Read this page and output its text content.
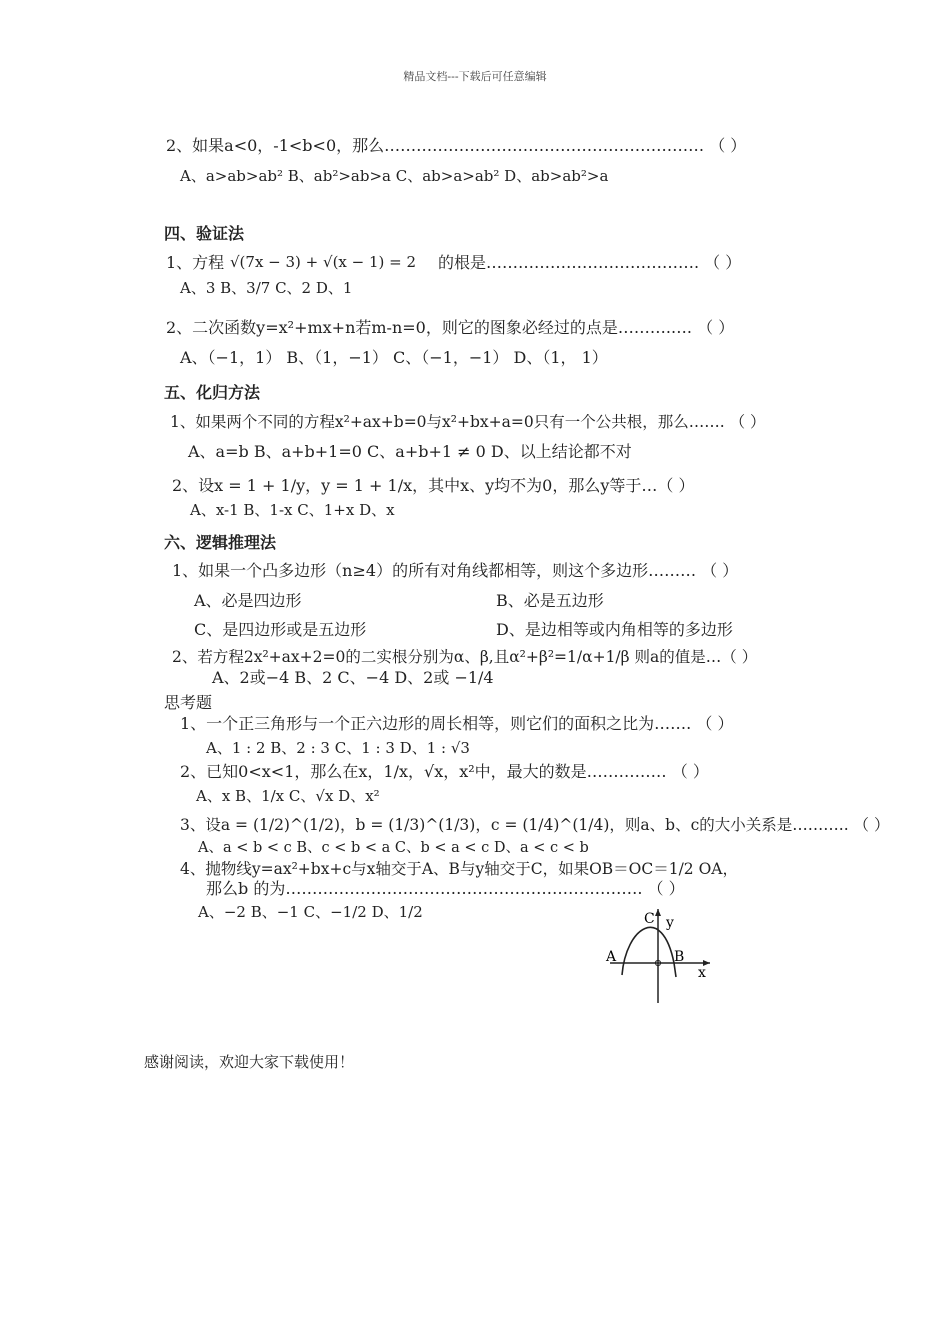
精品文档---下载后可任意编辑
2、如果a<0，-1<b<0，那么…………………………………………………… （ ）
A、a>ab>ab² B、ab²>ab>a C、ab>a>ab² D、ab>ab²>a
四、验证法
1、方程 √(7x − 3) + √(x − 1) = 2 的根是…………………………………. （ ）
A、3 B、3/7 C、2 D、1
2、二次函数y=x²+mx+n若m-n=0，则它的图象必经过的点是……….…. （ ）
A、（−1，1） B、（1，−1） C、（−1，−1） D、（1， 1）
五、化归方法
1、如果两个不同的方程x²+ax+b=0与x²+bx+a=0只有一个公共根，那么……. （ ）
A、a=b B、a+b+1=0 C、a+b+1 ≠ 0 D、以上结论都不对
2、设x = 1 + 1/y，y = 1 + 1/x，其中x、y均不为0，那么y等于…（ ）
A、x-1 B、1-x C、1+x D、x
六、逻辑推理法
1、如果一个凸多边形（n≥4）的所有对角线都相等，则这个多边形……… （ ）
A、必是四边形	B、必是五边形
C、是四边形或是五边形	D、是边相等或内角相等的多边形
2、若方程2x²+ax+2=0的二实根分别为α、β,且α²+β²=1/α+1/β 则a的值是…（ ）
A、2或−4 B、2 C、−4 D、2或 −1/4
思考题
1、一个正三角形与一个正六边形的周长相等，则它们的面积之比为……. （ ）
A、1 : 2 B、2 : 3 C、1 : 3 D、1 : √3
2、已知0<x<1，那么在x，1/x，√x，x²中，最大的数是…………… （ ）
A、x B、1/x C、√x D、x²
3、设a = (1/2)^(1/2)，b = (1/3)^(1/3)，c = (1/4)^(1/4)，则a、b、c的大小关系是……….. （ ）
A、a < b < c B、c < b < a C、b < a < c D、a < c < b
4、抛物线y=ax²+bx+c与x轴交于A、B与y轴交于C，如果OB＝OC＝1/2 OA，
那么b 的为…………………………………………………………. （ ）
A、−2 B、−1 C、−1/2 D、1/2	C y
A	B
x
感谢阅读，欢迎大家下载使用！
